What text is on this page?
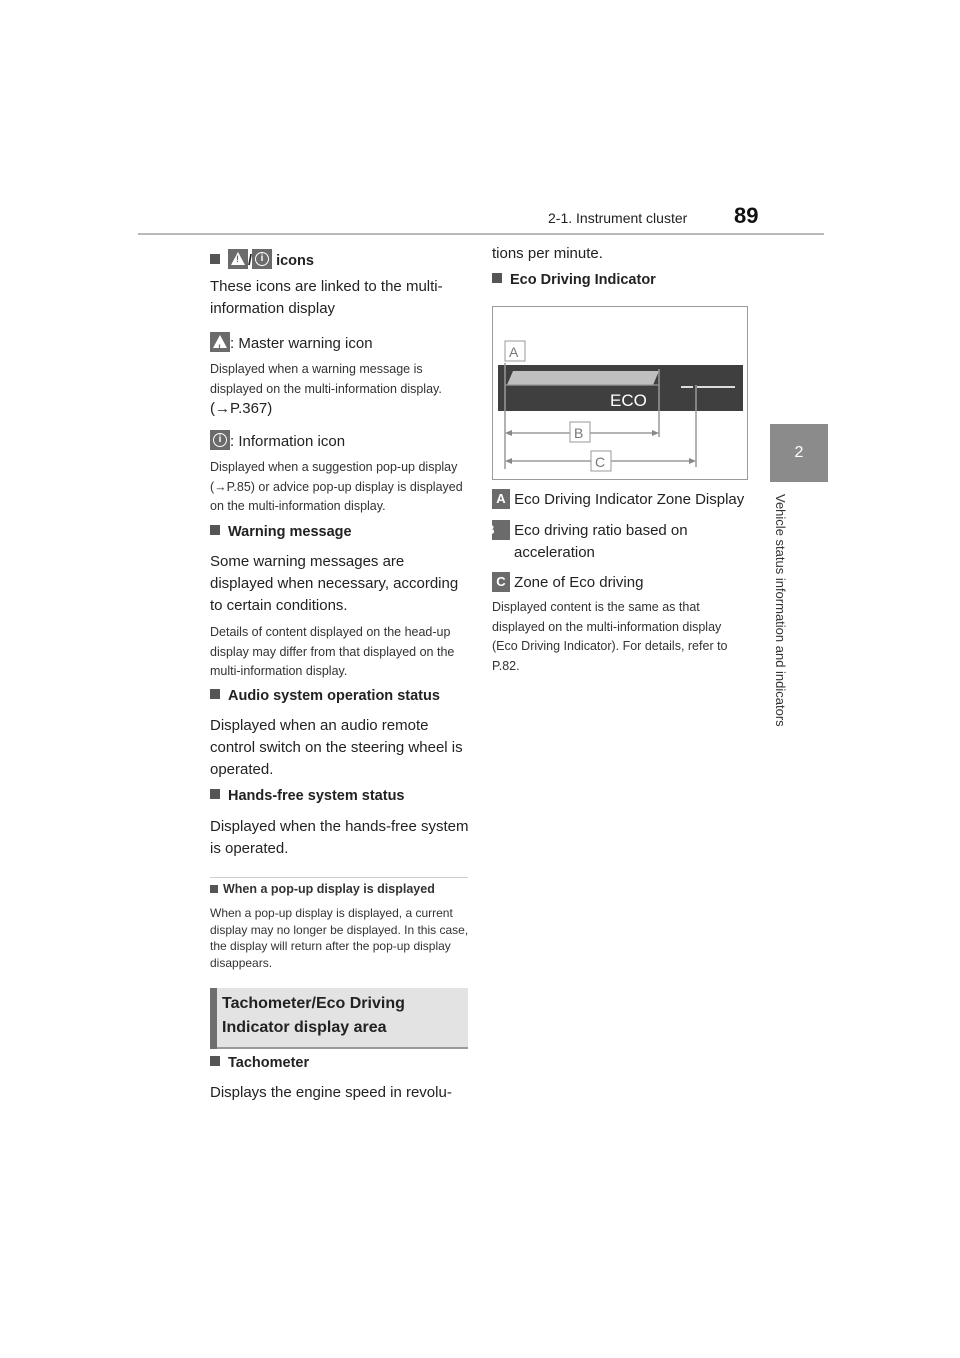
2-1. Instrument cluster 89
2
Vehicle status information and indicators
!
/ i icons
These icons are linked to the multi-information display
!
: Master warning icon
Displayed when a warning message is displayed on the multi-information display.
(→P.367)
i : Information icon
Displayed when a suggestion pop-up display (→P.85) or advice pop-up display is displayed on the multi-information display.
Warning message
Some warning messages are displayed when necessary, according to certain conditions.
Details of content displayed on the head-up display may differ from that displayed on the multi-information display.
Audio system operation status
Displayed when an audio remote control switch on the steering wheel is operated.
Hands-free system status
Displayed when the hands-free system is operated.
When a pop-up display is displayed
When a pop-up display is displayed, a current display may no longer be displayed. In this case, the display will return after the pop-up display disappears.
Tachometer/Eco Driving Indicator display area
Tachometer
Displays the engine speed in revolu-
tions per minute.
Eco Driving Indicator
ECO
A
B
C
A Eco Driving Indicator Zone Display
B Eco driving ratio based on acceleration
C Zone of Eco driving
Displayed content is the same as that displayed on the multi-information display (Eco Driving Indicator). For details, refer to P.82.
